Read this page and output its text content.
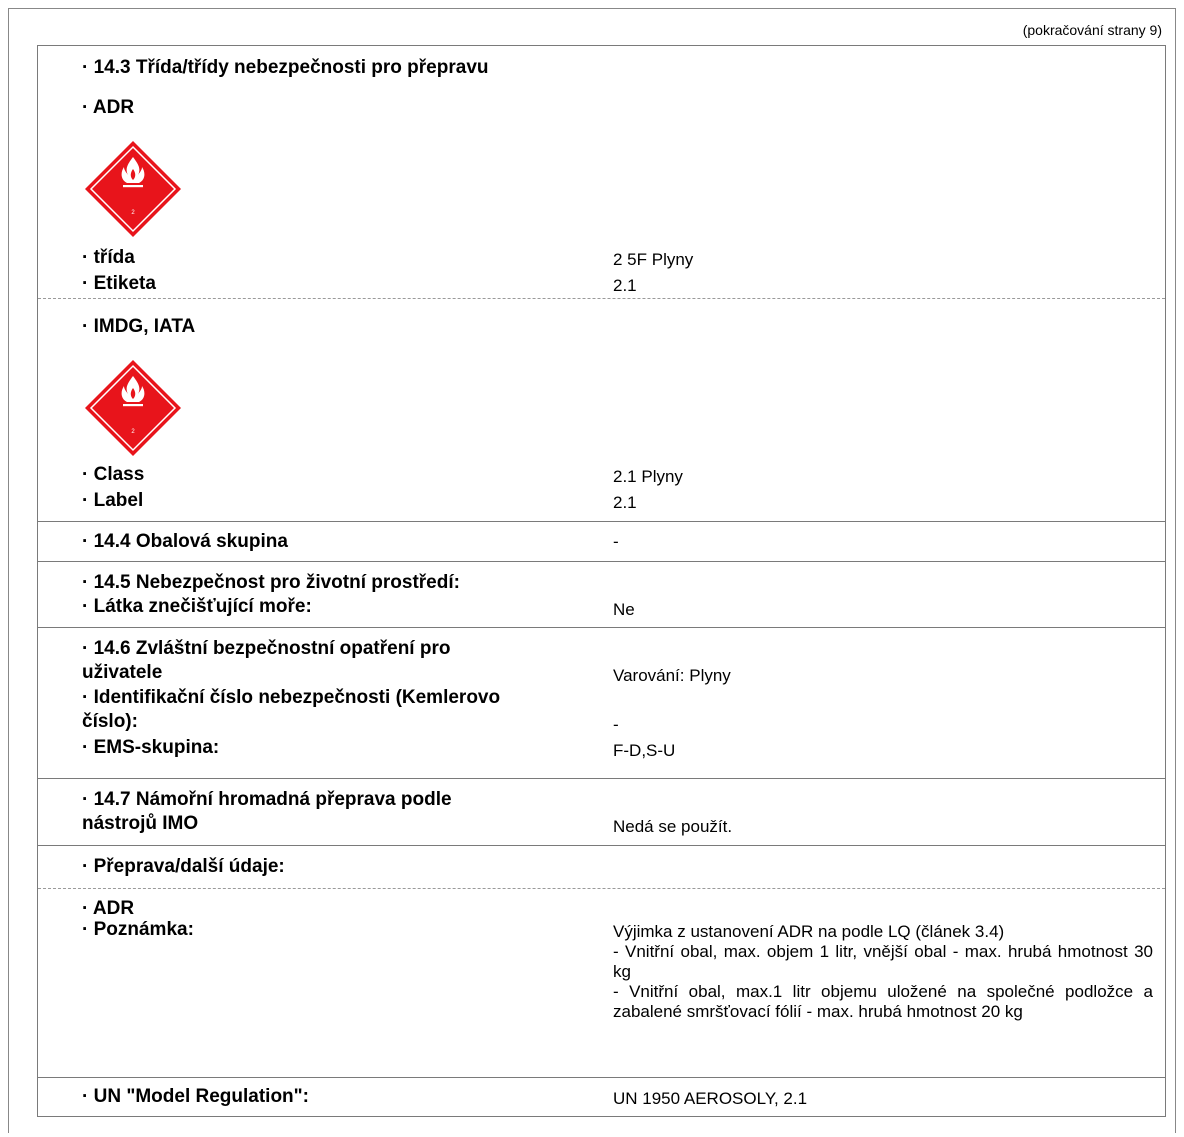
(pokračování strany 9)
· 14.3 Třída/třídy nebezpečnosti pro přepravu
· ADR
2
· třída	2 5F Plyny
· Etiketa	2.1
· IMDG, IATA
2
· Class	2.1 Plyny
· Label	2.1
· 14.4 Obalová skupina	-
· 14.5 Nebezpečnost pro životní prostředí:
· Látka znečišťující moře:	Ne
· 14.6 Zvláštní bezpečnostní opatření pro
uživatele	Varování: Plyny
· Identifikační číslo nebezpečnosti (Kemlerovo
číslo):	-
· EMS-skupina:	F-D,S-U
· 14.7 Námořní hromadná přeprava podle
nástrojů IMO	Nedá se použít.
· Přeprava/další údaje:
· ADR
· Poznámka:	Výjimka z ustanovení ADR na podle LQ (článek 3.4)
- Vnitřní obal, max. objem 1 litr, vnější obal - max. hrubá hmotnost 30 kg
- Vnitřní obal, max.1 litr objemu uložené na společné podložce a zabalené smršťovací fólií - max. hrubá hmotnost 20 kg
· UN "Model Regulation":	UN 1950 AEROSOLY, 2.1
